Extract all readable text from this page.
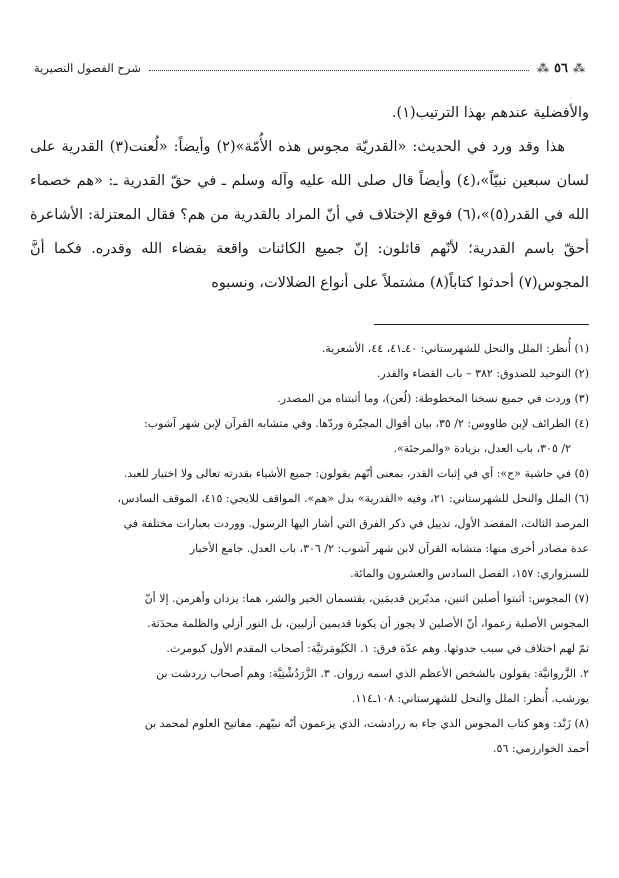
⁂
٥٦
⁂
شرح الفصول النصيرية

والأفضلية عندهم بهذا الترتيب(١).

هذا وقد ورد في الحديث: «القدريّة مجوس هذه الأُمّة»(٢) وأيضاً: «لُعنت(٣) القدرية على لسان سبعين نبيّاً»،(٤) وأيضاً قال صلى الله عليه وآله وسلم ـ في حقّ القدرية ـ: «هم خصماء الله في القدر(٥)»،(٦) فوقع الإختلاف في أنّ المراد بالقدرية من هم؟ فقال المعتزلة: الأشاعرة أحقّ باسم القدرية؛ لأنّهم قائلون: إنّ جميع الكائنات واقعة بقضاء الله وقدره. فكما أنَّ المجوس(٧) أحدثوا كتاباً(٨) مشتملاً على أنواع الضلالات، ونسبوه

(١) أُنظر: الملل والنحل للشهرستاني: ٤٠ـ٤١، ٤٤، الأشعرية.

(٢) التوحيد للصدوق: ٣٨٢ – باب القضاء والقدر.

(٣) وردت في جميع نسخنا المخطوطة: (لُعن)، وما أثبتناه من المصدر.

(٤) الطرائف لإبن طاووس: ٢/ ٣٥، بيان أقوال المجبّرة وردّها. وفي متشابه القرآن لإبن شهر آشوب:

٢/ ٣٠٥، باب العدل، بزيادة «والمرجئة».

(٥) في حاشية «ح»: أي في إثبات القدر، بمعنى أنّهم يقولون: جميع الأشياء بقدرته تعالى ولا اختيار للعبد.

(٦) الملل والنحل للشهرستاني: ٢١، وفيه «القدرية» بدل «هم». المواقف للايجي: ٤١٥، الموقف السادس،

المرصد الثالث، المقصد الأول، تذييل في ذكر الفرق التي أشار اليها الرسول. ووردت بعبارات مختلفة في

عدة مصادر أخرى منها: متشابه القرآن لابن شهر آشوب: ٢/ ٣٠٦، باب العدل. جامع الأخبار

للسبزواري: ١٥٧، الفصل السادس والعشرون والمائة.

(٧) المجوس: أثبتوا أصلين اثنين، مدبّرين قديمَين، يقتسمان الخير والشر، هما: يزدان وأهرمن. إلا أنّ

المجوس الأصلية زعموا، أنّ الأصلين لا يجوز أن يكونا قديمين أزليين، بل النور أزلي والظلمة محدَثة.

ثمّ لهم اختلاف في سبب حدوثها. وهم عدّة فرق: ١. الكَيُومَرثيَّة: أصحاب المقدم الأول كيومرث.

٢. الزَّروانيَّة: يقولون بالشخص الأعظم الذي اسمه زروان. ٣. الزَّرَدُشْتِيَّة: وهم أصحاب زردشت بن

يورشب. أُنظر: الملل والنحل للشهرستاني: ١٠٨ـ١١٤.

(٨) زَنْد: وهو كتاب المجوس الذي جاء به زرادشت، الذي يزعمون أنّه نبيّهم. مفاتيح العلوم لمحمد بن

أحمد الخوارزمي: ٥٦.
